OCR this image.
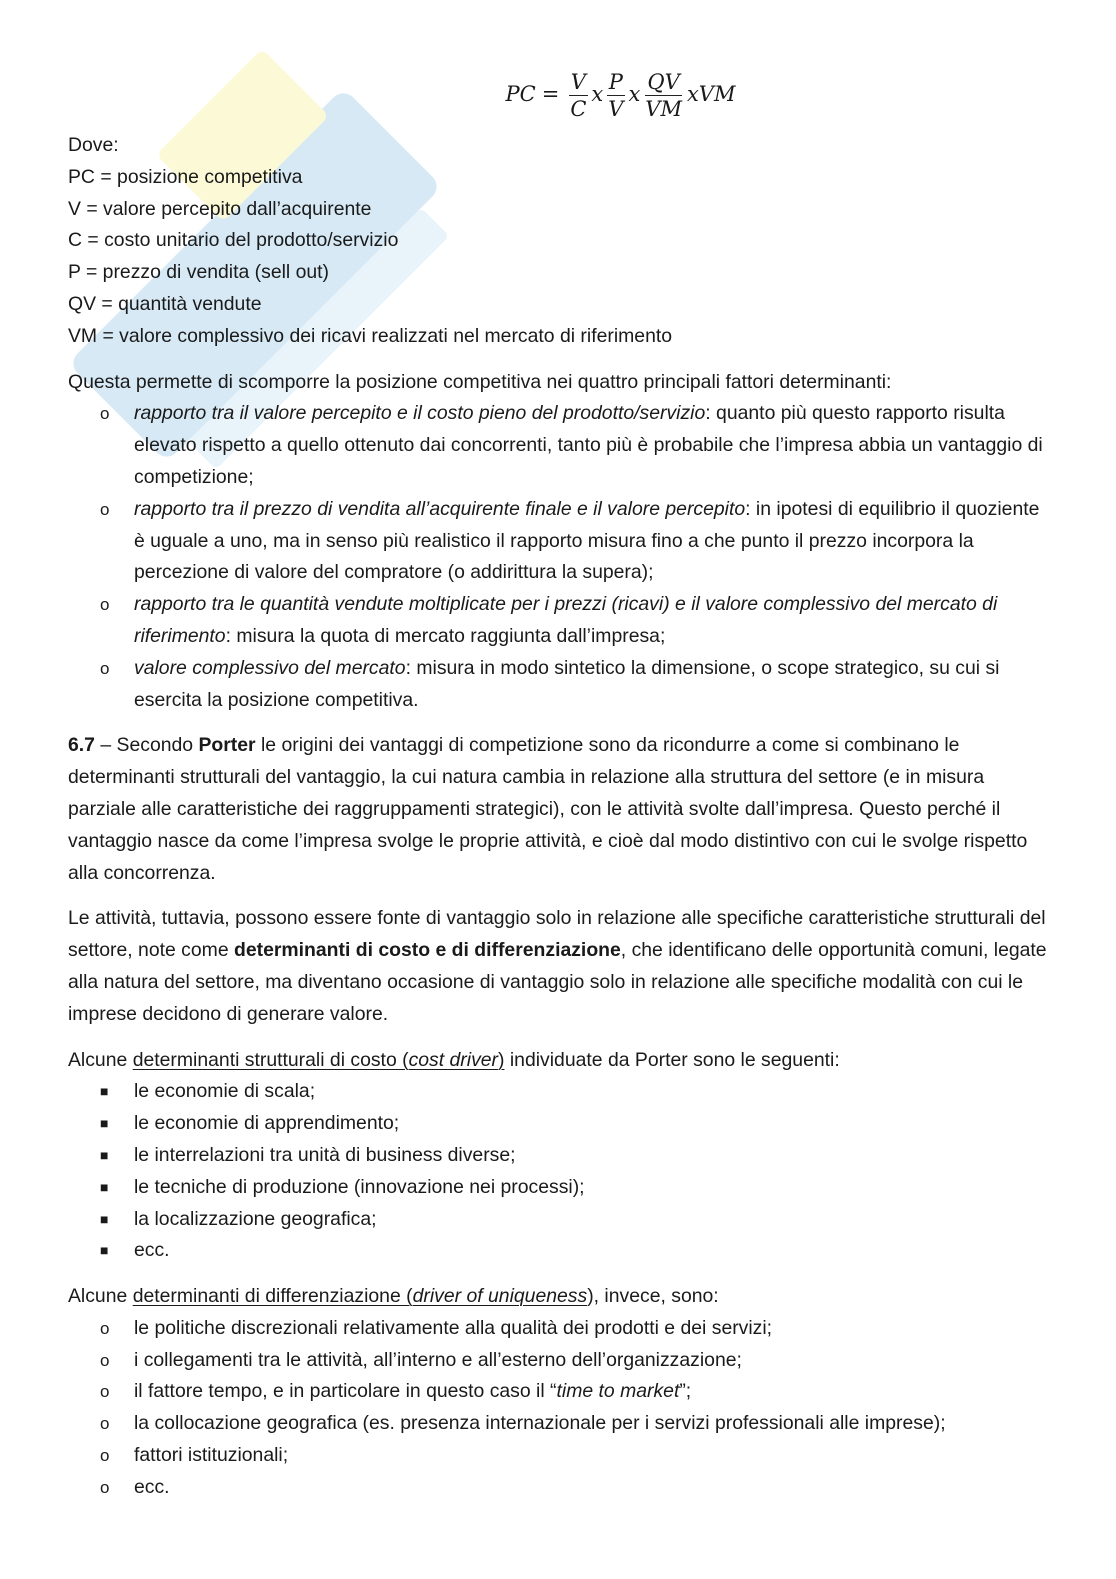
PC = $\frac{V}{C}$ x $\frac{P}{V}$ x $\frac{QV}{VM}$ xVM

Dove:

PC = posizione competitiva

V = valore percepito dall’acquirente

C = costo unitario del prodotto/servizio

P = prezzo di vendita (sell out)

QV = quantità vendute

VM = valore complessivo dei ricavi realizzati nel mercato di riferimento

Questa permette di scomporre la posizione competitiva nei quattro principali fattori determinanti:

o rapporto tra il valore percepito e il costo pieno del prodotto/servizio: quanto più questo rapporto risulta elevato rispetto a quello ottenuto dai concorrenti, tanto più è probabile che l’impresa abbia un vantaggio di competizione;
o rapporto tra il prezzo di vendita all’acquirente finale e il valore percepito: in ipotesi di equilibrio il quoziente è uguale a uno, ma in senso più realistico il rapporto misura fino a che punto il prezzo incorpora la percezione di valore del compratore (o addirittura la supera);
o rapporto tra le quantità vendute moltiplicate per i prezzi (ricavi) e il valore complessivo del mercato di riferimento: misura la quota di mercato raggiunta dall’impresa;
o valore complessivo del mercato: misura in modo sintetico la dimensione, o scope strategico, su cui si esercita la posizione competitiva.

6.7 – Secondo Porter le origini dei vantaggi di competizione sono da ricondurre a come si combinano le determinanti strutturali del vantaggio, la cui natura cambia in relazione alla struttura del settore (e in misura parziale alle caratteristiche dei raggruppamenti strategici), con le attività svolte dall’impresa. Questo perché il vantaggio nasce da come l’impresa svolge le proprie attività, e cioè dal modo distintivo con cui le svolge rispetto alla concorrenza.

Le attività, tuttavia, possono essere fonte di vantaggio solo in relazione alle specifiche caratteristiche strutturali del settore, note come determinanti di costo e di differenziazione, che identificano delle opportunità comuni, legate alla natura del settore, ma diventano occasione di vantaggio solo in relazione alle specifiche modalità con cui le imprese decidono di generare valore.

Alcune determinanti strutturali di costo (cost driver) individuate da Porter sono le seguenti:

■ le economie di scala;
■ le economie di apprendimento;
■ le interrelazioni tra unità di business diverse;
■ le tecniche di produzione (innovazione nei processi);
■ la localizzazione geografica;
■ ecc.

Alcune determinanti di differenziazione (driver of uniqueness), invece, sono:

o le politiche discrezionali relativamente alla qualità dei prodotti e dei servizi;
o i collegamenti tra le attività, all’interno e all’esterno dell’organizzazione;
o il fattore tempo, e in particolare in questo caso il “time to market”;
o la collocazione geografica (es. presenza internazionale per i servizi professionali alle imprese);
o fattori istituzionali;
o ecc.
